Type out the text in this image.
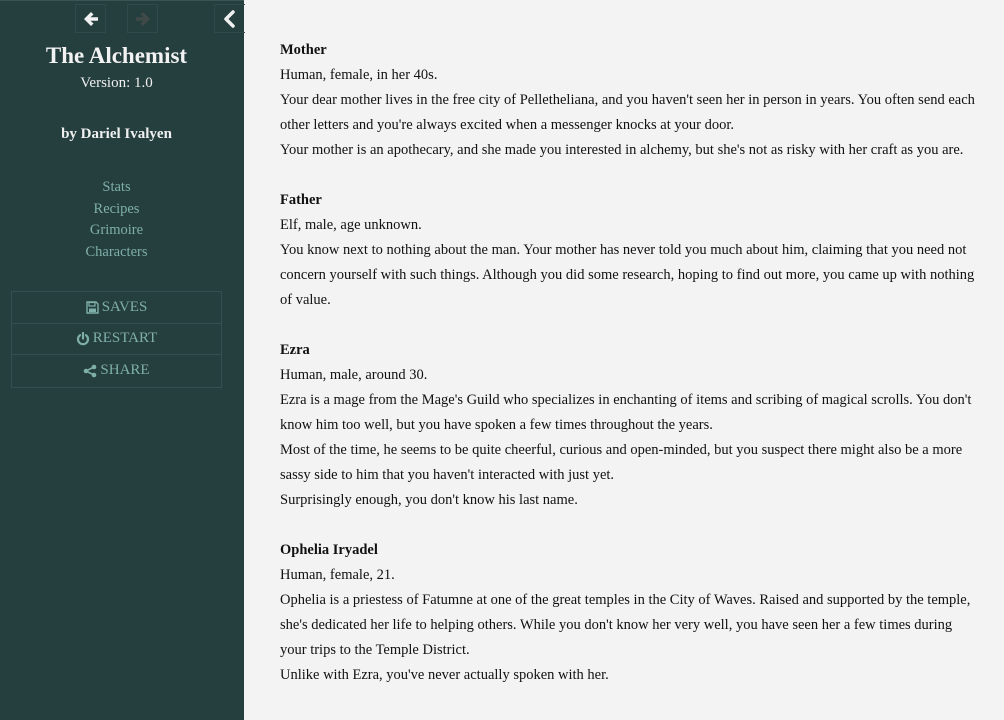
The Alchemist
Version: 1.0
by Dariel Ivalyen
Stats
Recipes
Grimoire
Characters
SAVES
RESTART
SHARE
Mother
Human, female, in her 40s.
Your dear mother lives in the free city of Pelletheliana, and you haven't seen her in person in years. You often send each other letters and you're always excited when a messenger knocks at your door.
Your mother is an apothecary, and she made you interested in alchemy, but she's not as risky with her craft as you are.
Father
Elf, male, age unknown.
You know next to nothing about the man. Your mother has never told you much about him, claiming that you need not concern yourself with such things. Although you did some research, hoping to find out more, you came up with nothing of value.
Ezra
Human, male, around 30.
Ezra is a mage from the Mage's Guild who specializes in enchanting of items and scribing of magical scrolls. You don't know him too well, but you have spoken a few times throughout the years.
Most of the time, he seems to be quite cheerful, curious and open-minded, but you suspect there might also be a more sassy side to him that you haven't interacted with just yet.
Surprisingly enough, you don't know his last name.
Ophelia Iryadel
Human, female, 21.
Ophelia is a priestess of Fatumne at one of the great temples in the City of Waves. Raised and supported by the temple, she's dedicated her life to helping others. While you don't know her very well, you have seen her a few times during your trips to the Temple District.
Unlike with Ezra, you've never actually spoken with her.
